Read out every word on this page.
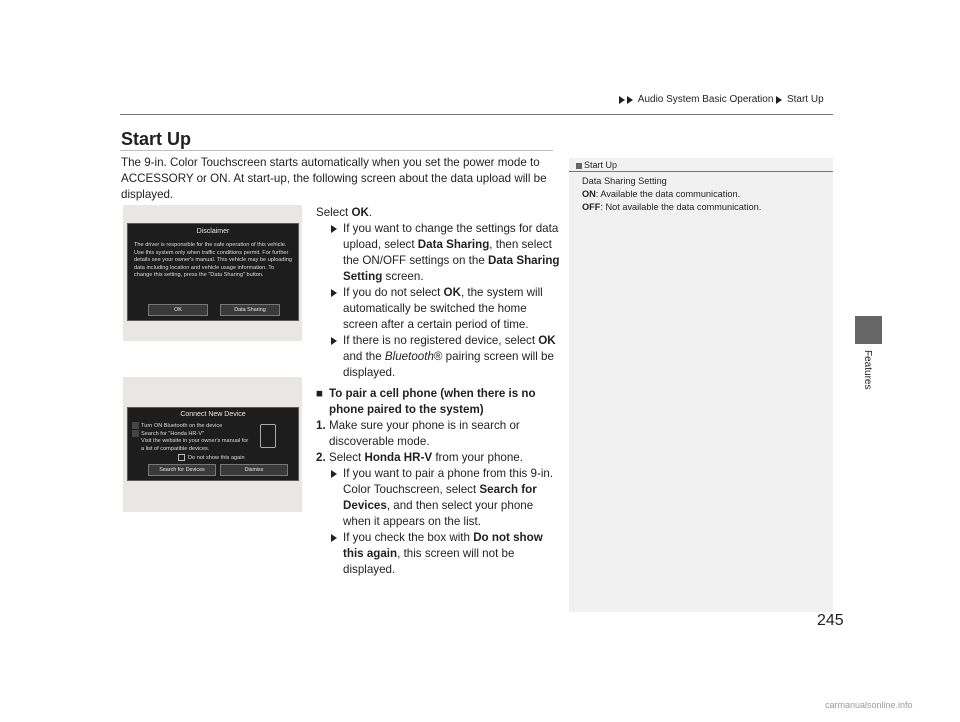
Audio System Basic Operation Start Up
Start Up
The 9-in. Color Touchscreen starts automatically when you set the power mode to ACCESSORY or ON. At start-up, the following screen about the data upload will be displayed.
Disclaimer
The driver is responsible for the safe operation of this vehicle. Use this system only when traffic conditions permit. For further details see your owner's manual. This vehicle may be uploading data including location and vehicle usage information. To change this setting, press the "Data Sharing" button.
OK	Data Sharing
Connect New Device
Turn ON Bluetooth on the device
Search for "Honda HR-V"
Visit the website in your owner's manual for a list of compatible devices.
Do not show this again
Search for Devices	Dismiss
Select OK.
If you want to change the settings for data upload, select Data Sharing, then select the ON/OFF settings on the Data Sharing Setting screen.
If you do not select OK, the system will automatically be switched the home screen after a certain period of time.
If there is no registered device, select OK and the Bluetooth® pairing screen will be displayed.
■ To pair a cell phone (when there is no phone paired to the system)
1. Make sure your phone is in search or discoverable mode.
2. Select Honda HR-V from your phone.
If you want to pair a phone from this 9-in. Color Touchscreen, select Search for Devices, and then select your phone when it appears on the list.
If you check the box with Do not show this again, this screen will not be displayed.
Start Up
Data Sharing Setting
ON: Available the data communication.
OFF: Not available the data communication.
Features
245
carmanualsonline.info
